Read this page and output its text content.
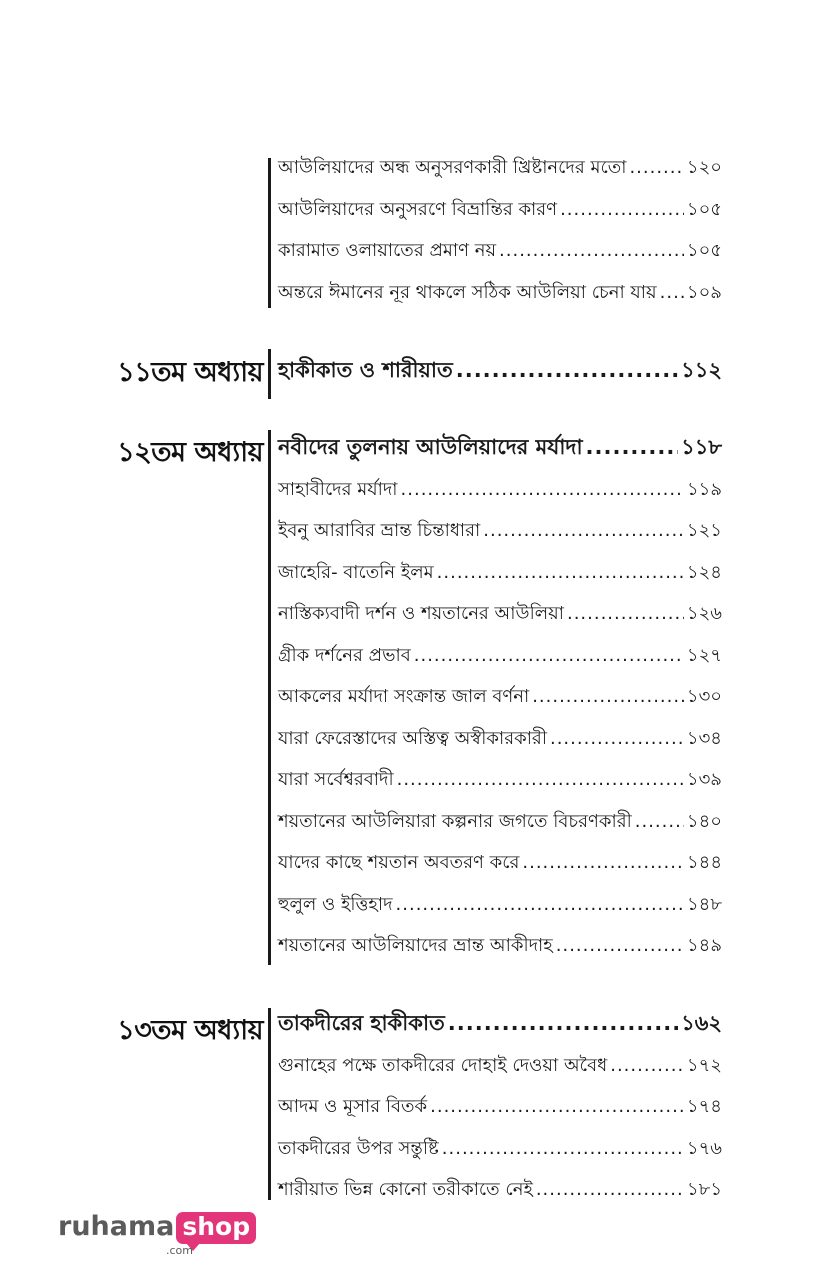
আউলিয়াদের অন্ধ অনুসরণকারী খ্রিষ্টানদের মতো .....	১২০
আউলিয়াদের অনুসরণে বিভ্রান্তির কারণ .....	১০৫
কারামাত ওলায়াতের প্রমাণ নয় .....	১০৫
অন্তরে ঈমানের নূর থাকলে সঠিক আউলিয়া চেনা যায় ..... ১০৯
১১তম অধ্যায় হাকীকাত ও শারীয়াত .....	১১২
১২তম অধ্যায় নবীদের তুলনায় আউলিয়াদের মর্যাদা .....	১১৮
সাহাবীদের মর্যাদা .....	১১৯
ইবনু আরাবির ভ্রান্ত চিন্তাধারা .....	১২১
জাহেরি- বাতেনি ইলম .....	১২৪
নাস্তিক্যবাদী দর্শন ও শয়তানের আউলিয়া .....	১২৬
গ্রীক দর্শনের প্রভাব .....	১২৭
আকলের মর্যাদা সংক্রান্ত জাল বর্ণনা .....	১৩০
যারা ফেরেস্তাদের অস্তিত্ব অস্বীকারকারী .....	১৩৪
যারা সর্বেশ্বরবাদী .....	১৩৯
শয়তানের আউলিয়ারা কল্পনার জগতে বিচরণকারী .....	১৪০
যাদের কাছে শয়তান অবতরণ করে .....	১৪৪
হুলুল ও ইত্তিহাদ .....	১৪৮
শয়তানের আউলিয়াদের ভ্রান্ত আকীদাহ .....	১৪৯
১৩তম অধ্যায় তাকদীরের হাকীকাত .....	১৬২
গুনাহের পক্ষে তাকদীরের দোহাই দেওয়া অবৈধ .....	১৭২
আদম ও মূসার বিতর্ক .....	১৭৪
তাকদীরের উপর সন্তুষ্টি .....	১৭৬
শারীয়াত ভিন্ন কোনো তরীকাতে নেই .....	১৮১
ruhama shop
.com
